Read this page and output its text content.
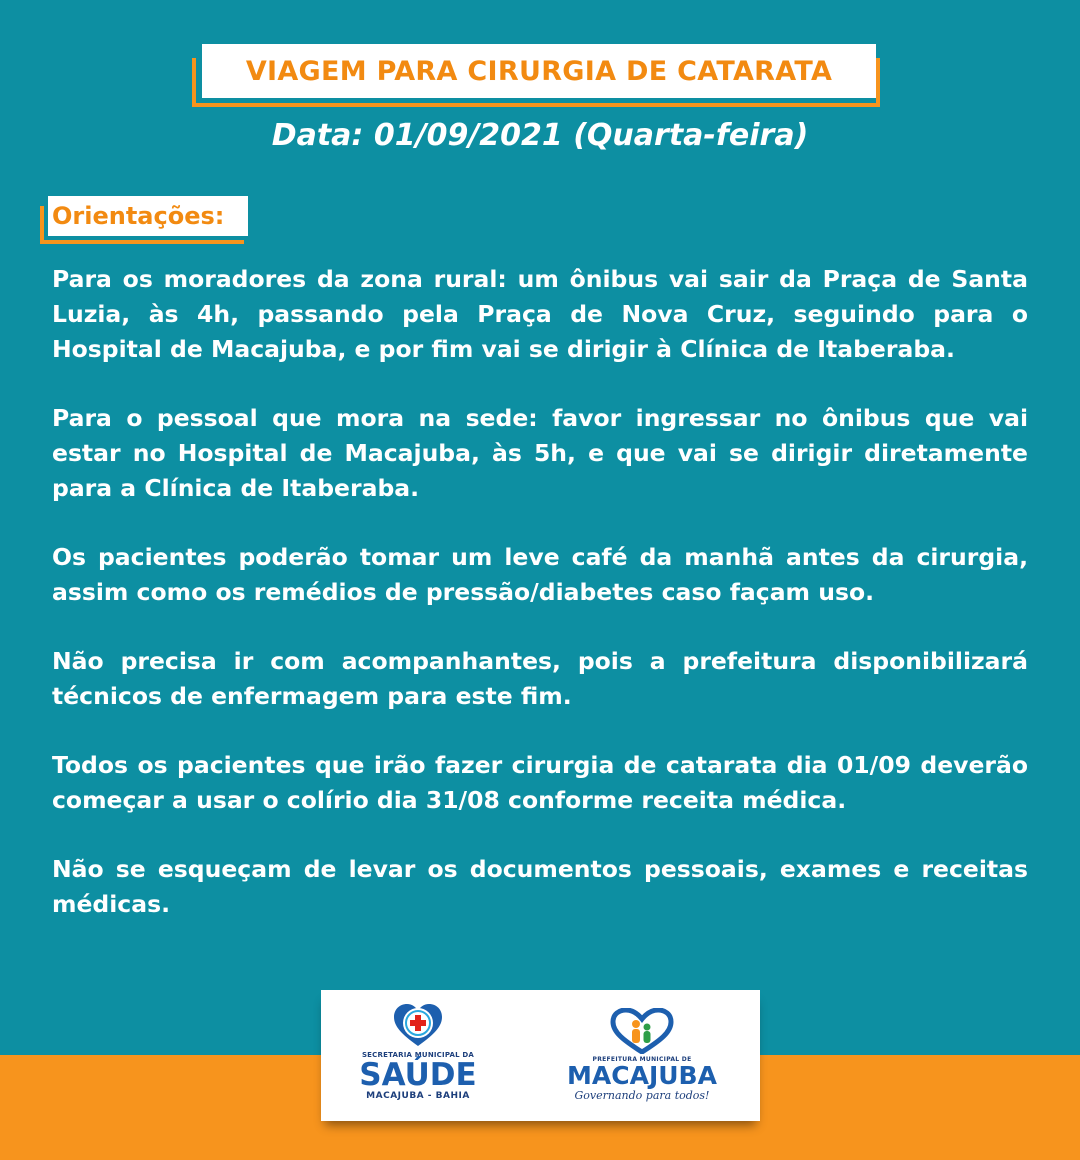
VIAGEM PARA CIRURGIA DE CATARATA
Data: 01/09/2021 (Quarta-feira)
Orientações:

Para os moradores da zona rural: um ônibus vai sair da Praça de Santa Luzia, às 4h, passando pela Praça de Nova Cruz, seguindo para o Hospital de Macajuba, e por fim vai se dirigir à Clínica de Itaberaba.

Para o pessoal que mora na sede: favor ingressar no ônibus que vai estar no Hospital de Macajuba, às 5h, e que vai se dirigir diretamente para a Clínica de Itaberaba.

Os pacientes poderão tomar um leve café da manhã antes da cirurgia, assim como os remédios de pressão/diabetes caso façam uso.

Não precisa ir com acompanhantes, pois a prefeitura disponibilizará técnicos de enfermagem para este fim.

Todos os pacientes que irão fazer cirurgia de catarata dia 01/09 deverão começar a usar o colírio dia 31/08 conforme receita médica.

Não se esqueçam de levar os documentos pessoais, exames e receitas médicas.

SECRETARIA MUNICIPAL DA
SAÚDE
MACAJUBA - BAHIA
PREFEITURA MUNICIPAL DE
MACAJUBA
Governando para todos!
